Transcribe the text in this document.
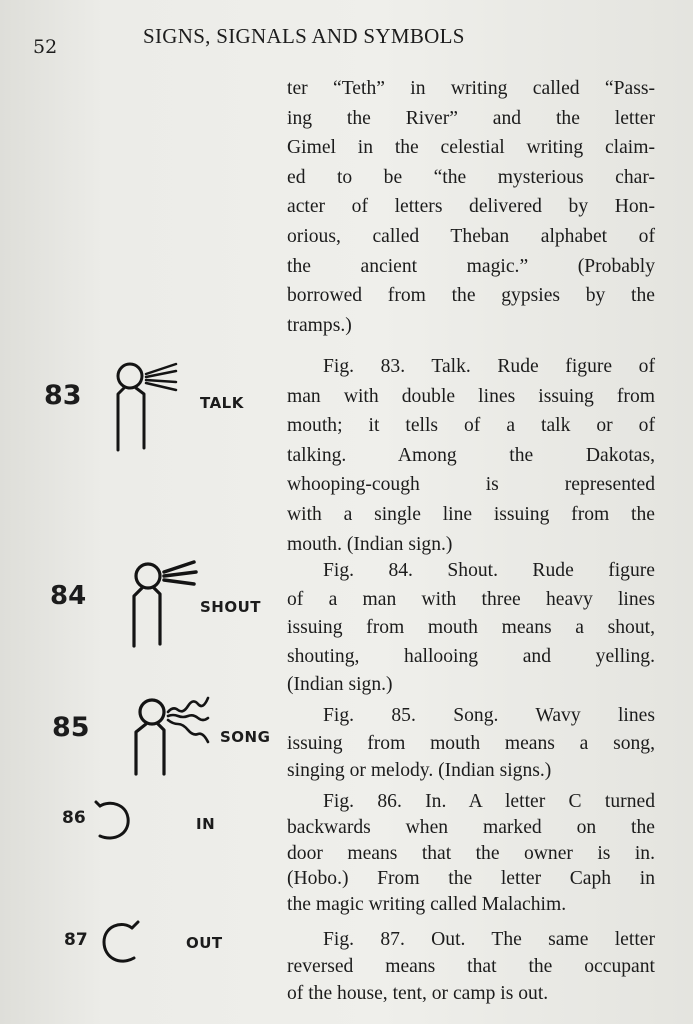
52	SIGNS, SIGNALS AND SYMBOLS

ter “Teth” in writing called “Pass-
ing the River” and the letter
Gimel in the celestial writing claim-
ed to be “the mysterious char-
acter of letters delivered by Hon-
orious, called Theban alphabet of
the ancient magic.” (Probably
borrowed from the gypsies by the
tramps.)

83	TALK

Fig. 83. Talk. Rude figure of
man with double lines issuing from
mouth; it tells of a talk or of
talking. Among the Dakotas,
whooping-cough is represented
with a single line issuing from the
mouth. (Indian sign.)

84	SHOUT

Fig. 84. Shout. Rude figure
of a man with three heavy lines
issuing from mouth means a shout,
shouting, hallooing and yelling.
(Indian sign.)

85	SONG

Fig. 85. Song. Wavy lines
issuing from mouth means a song,
singing or melody. (Indian signs.)

86	IN

Fig. 86. In. A letter C turned
backwards when marked on the
door means that the owner is in.
(Hobo.) From the letter Caph in
the magic writing called Malachim.

87	OUT	Fig. 87. Out. The same letter
reversed means that the occupant
of the house, tent, or camp is out.
